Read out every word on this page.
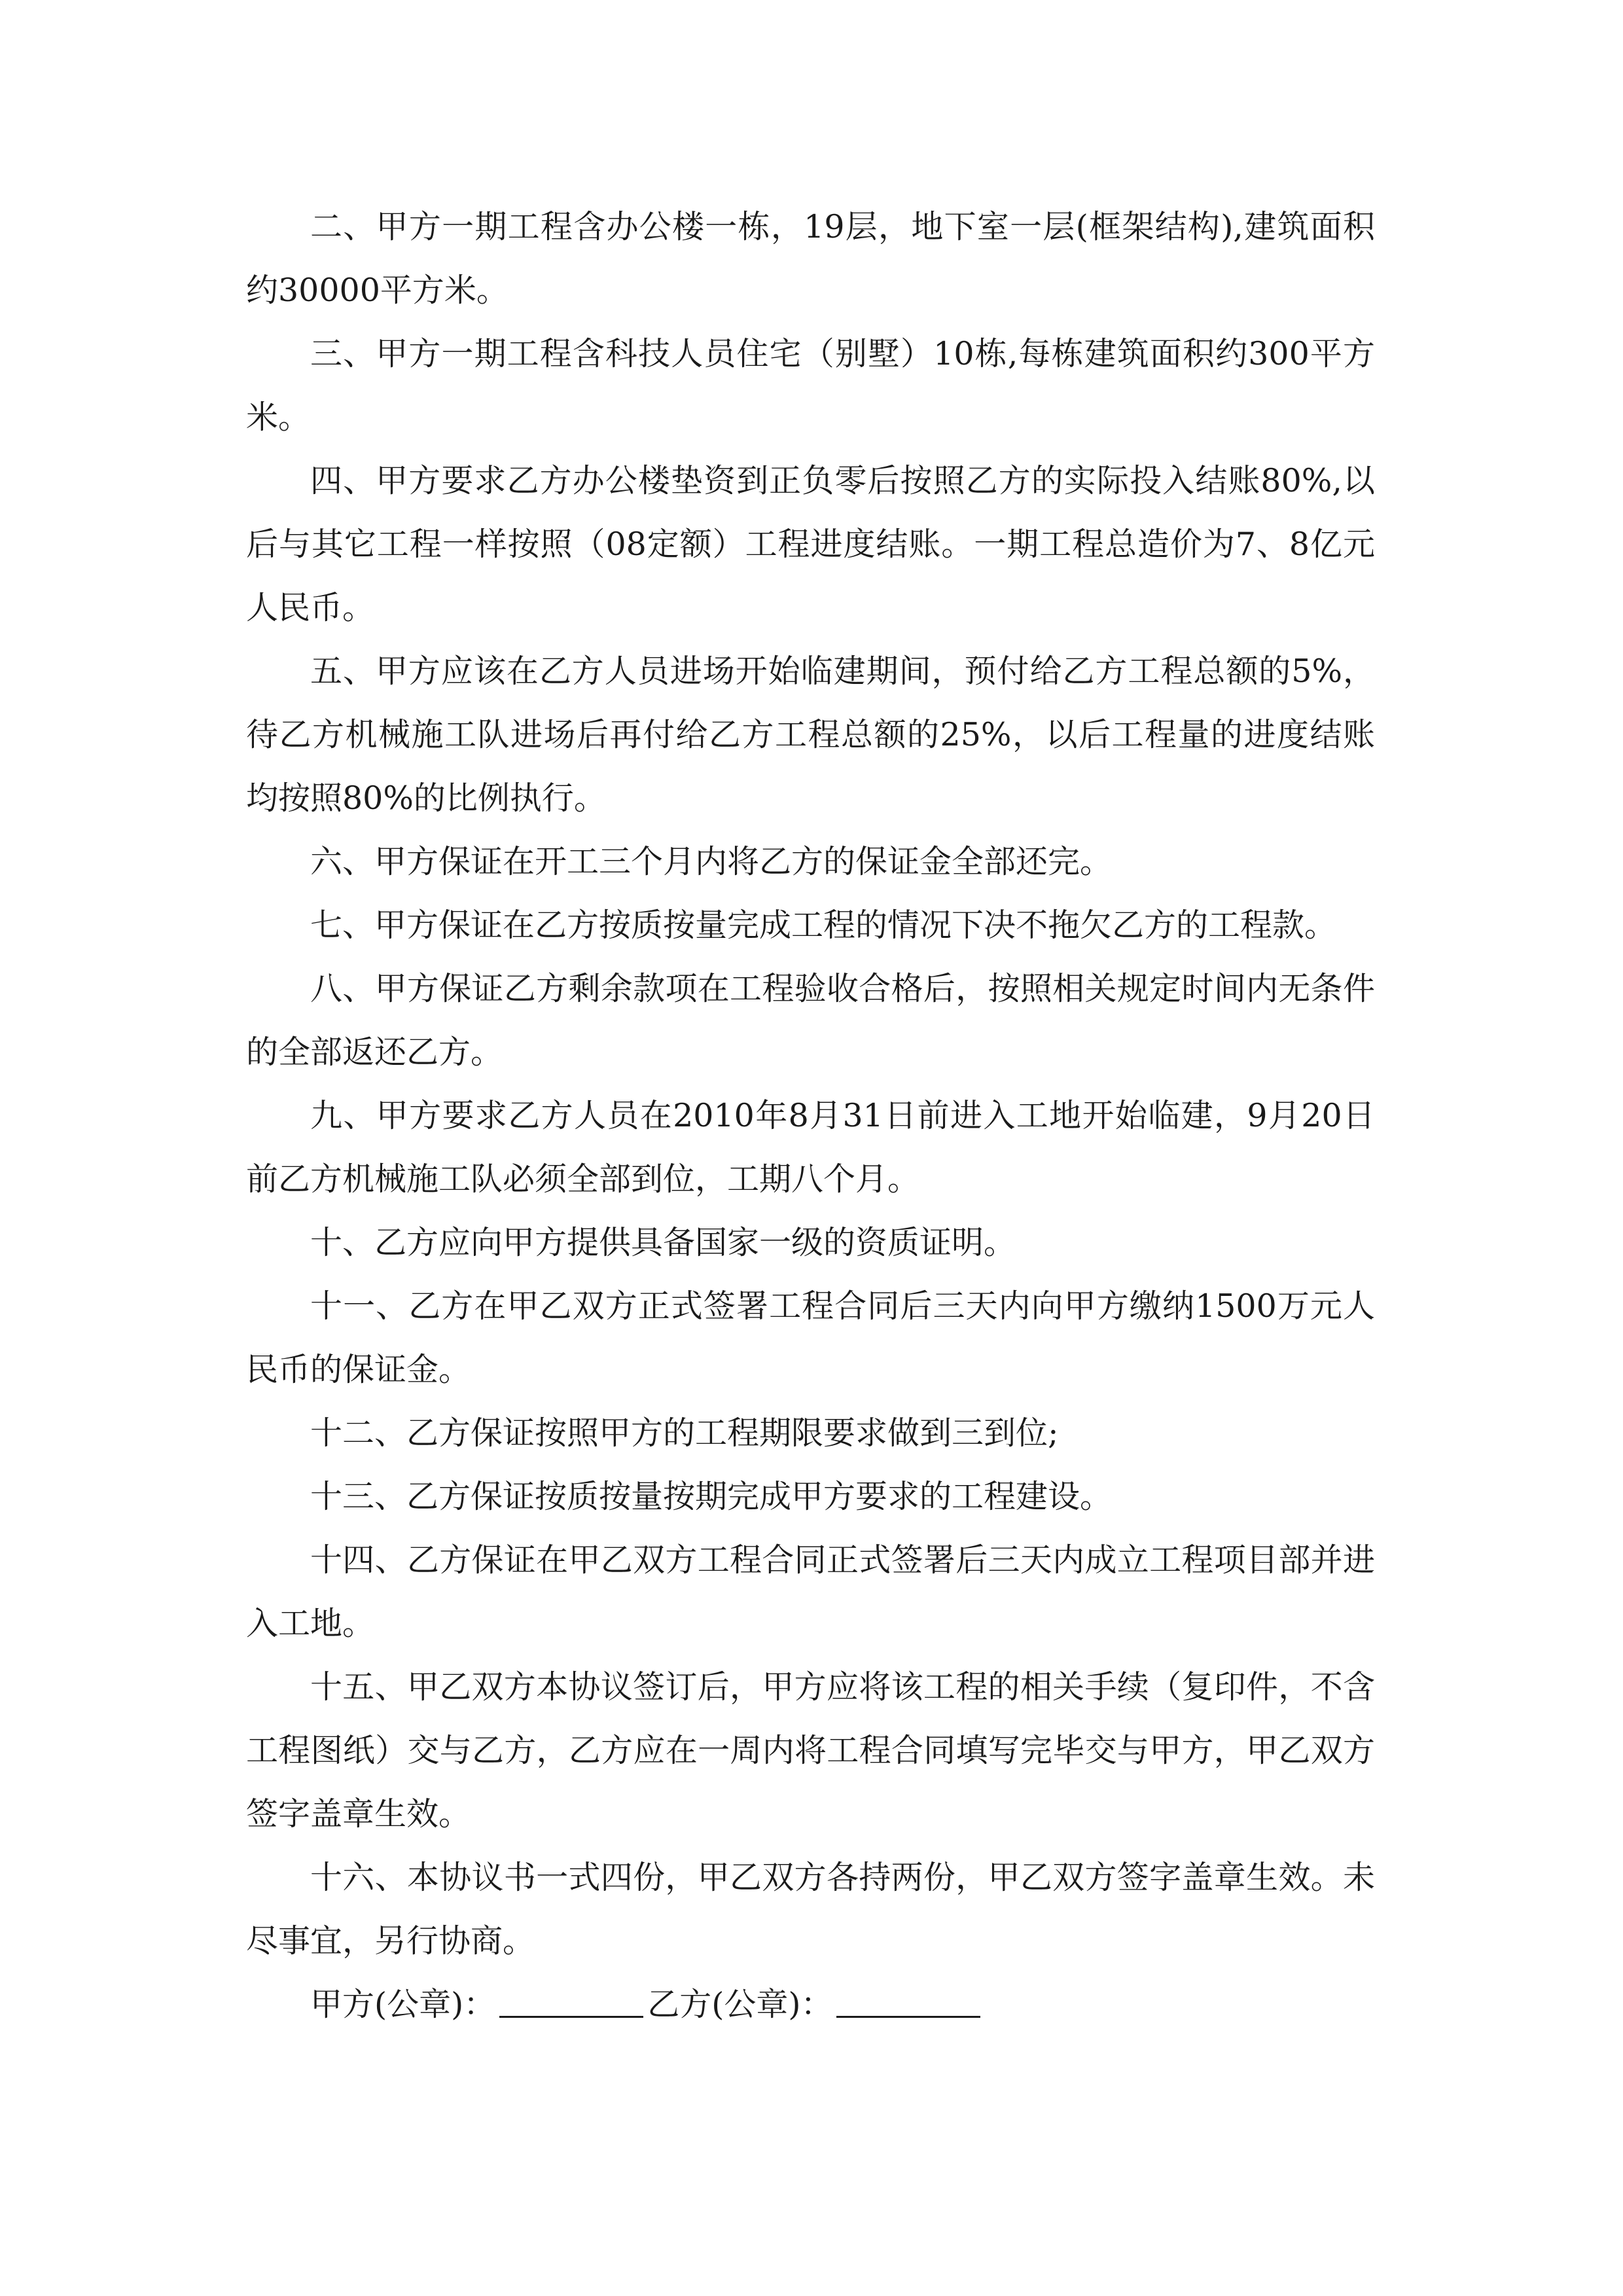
二、甲方一期工程含办公楼一栋，19层，地下室一层(框架结构),建筑面积约30000平方米。

三、甲方一期工程含科技人员住宅（别墅）10栋,每栋建筑面积约300平方米。

四、甲方要求乙方办公楼垫资到正负零后按照乙方的实际投入结账80%,以后与其它工程一样按照（08定额）工程进度结账。一期工程总造价为7、8亿元人民币。

五、甲方应该在乙方人员进场开始临建期间，预付给乙方工程总额的5%，待乙方机械施工队进场后再付给乙方工程总额的25%，以后工程量的进度结账均按照80%的比例执行。

六、甲方保证在开工三个月内将乙方的保证金全部还完。

七、甲方保证在乙方按质按量完成工程的情况下决不拖欠乙方的工程款。

八、甲方保证乙方剩余款项在工程验收合格后，按照相关规定时间内无条件的全部返还乙方。

九、甲方要求乙方人员在2010年8月31日前进入工地开始临建，9月20日前乙方机械施工队必须全部到位，工期八个月。

十、乙方应向甲方提供具备国家一级的资质证明。

十一、乙方在甲乙双方正式签署工程合同后三天内向甲方缴纳1500万元人民币的保证金。

十二、乙方保证按照甲方的工程期限要求做到三到位;

十三、乙方保证按质按量按期完成甲方要求的工程建设。

十四、乙方保证在甲乙双方工程合同正式签署后三天内成立工程项目部并进入工地。

十五、甲乙双方本协议签订后，甲方应将该工程的相关手续（复印件，不含工程图纸）交与乙方，乙方应在一周内将工程合同填写完毕交与甲方，甲乙双方签字盖章生效。

十六、本协议书一式四份，甲乙双方各持两份，甲乙双方签字盖章生效。未尽事宜，另行协商。

甲方(公章)：	乙方(公章)：
